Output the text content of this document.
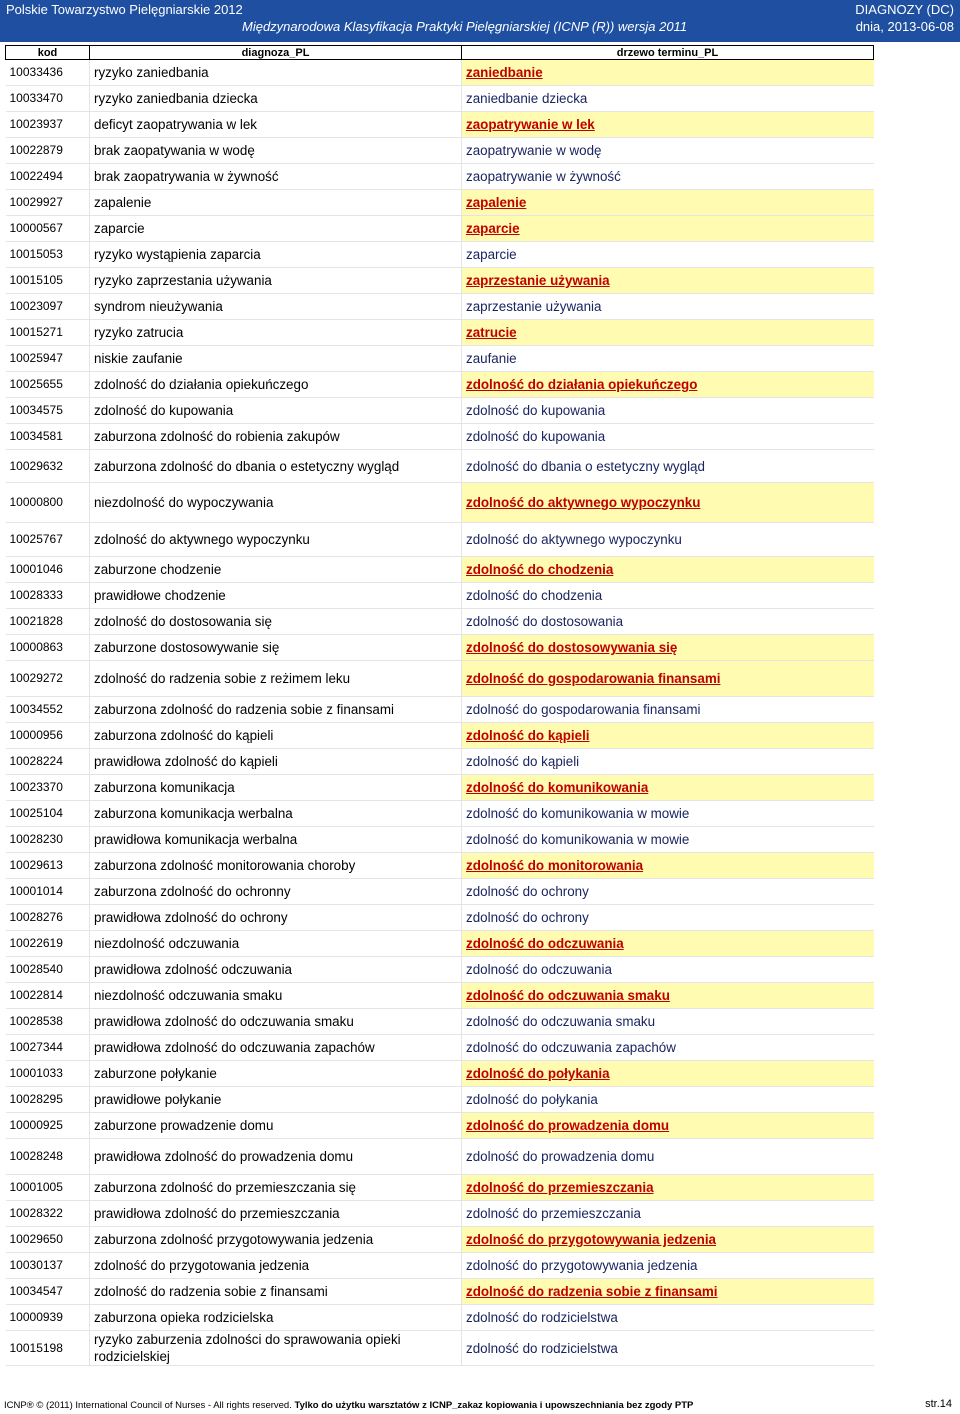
Polskie Towarzystwo Pielęgniarskie 2012
Międzynarodowa Klasyfikacja Praktyki Pielęgniarskiej (ICNP (R)) wersja 2011
DIAGNOZY (DC)
dnia, 2013-06-08
kod	diagnoza_PL	drzewo terminu_PL
10033436	ryzyko zaniedbania	zaniedbanie
10033470	ryzyko zaniedbania dziecka	zaniedbanie dziecka
10023937	deficyt zaopatrywania w lek	zaopatrywanie w lek
10022879	brak zaopatywania w wodę	zaopatrywanie w wodę
10022494	brak zaopatrywania w żywność	zaopatrywanie w żywność
10029927	zapalenie	zapalenie
10000567	zaparcie	zaparcie
10015053	ryzyko wystąpienia zaparcia	zaparcie
10015105	ryzyko zaprzestania używania	zaprzestanie używania
10023097	syndrom nieużywania	zaprzestanie używania
10015271	ryzyko zatrucia	zatrucie
10025947	niskie zaufanie	zaufanie
10025655	zdolność do działania opiekuńczego	zdolność do działania opiekuńczego
10034575	zdolność do kupowania	zdolność do kupowania
10034581	zaburzona zdolność do robienia zakupów	zdolność do kupowania
10029632	zaburzona zdolność do dbania o estetyczny wygląd	zdolność do dbania o estetyczny wygląd
10000800	niezdolność do wypoczywania	zdolność do aktywnego wypoczynku
10025767	zdolność do aktywnego wypoczynku	zdolność do aktywnego wypoczynku
10001046	zaburzone chodzenie	zdolność do chodzenia
10028333	prawidłowe chodzenie	zdolność do chodzenia
10021828	zdolność do dostosowania się	zdolność do dostosowania
10000863	zaburzone dostosowywanie się	zdolność do dostosowywania się
10029272	zdolność do radzenia sobie z reżimem leku	zdolność do gospodarowania finansami
10034552	zaburzona zdolność do radzenia sobie z finansami	zdolność do gospodarowania finansami
10000956	zaburzona zdolność do kąpieli	zdolność do kąpieli
10028224	prawidłowa zdolność do kąpieli	zdolność do kąpieli
10023370	zaburzona komunikacja	zdolność do komunikowania
10025104	zaburzona komunikacja werbalna	zdolność do komunikowania w mowie
10028230	prawidłowa komunikacja werbalna	zdolność do komunikowania w mowie
10029613	zaburzona zdolność monitorowania choroby	zdolność do monitorowania
10001014	zaburzona zdolność do ochronny	zdolność do ochrony
10028276	prawidłowa zdolność do ochrony	zdolność do ochrony
10022619	niezdolność odczuwania	zdolność do odczuwania
10028540	prawidłowa zdolność odczuwania	zdolność do odczuwania
10022814	niezdolność odczuwania smaku	zdolność do odczuwania smaku
10028538	prawidłowa zdolność do odczuwania smaku	zdolność do odczuwania smaku
10027344	prawidłowa zdolność do odczuwania zapachów	zdolność do odczuwania zapachów
10001033	zaburzone połykanie	zdolność do połykania
10028295	prawidłowe połykanie	zdolność do połykania
10000925	zaburzone prowadzenie domu	zdolność do prowadzenia domu
10028248	prawidłowa zdolność do prowadzenia domu	zdolność do prowadzenia domu
10001005	zaburzona zdolność do przemieszczania się	zdolność do przemieszczania
10028322	prawidłowa zdolność do przemieszczania	zdolność do przemieszczania
10029650	zaburzona zdolność przygotowywania jedzenia	zdolność do przygotowywania jedzenia
10030137	zdolność do przygotowania jedzenia	zdolność do przygotowywania jedzenia
10034547	zdolność do radzenia sobie z finansami	zdolność do radzenia sobie z finansami
10000939	zaburzona opieka rodzicielska	zdolność do rodzicielstwa
10015198	ryzyko zaburzenia zdolności do sprawowania opieki rodzicielskiej	zdolność do rodzicielstwa
ICNP® © (2011) International Council of Nurses - All rights reserved. Tylko do użytku warsztatów z ICNP_zakaz kopiowania i upowszechniania bez zgody PTP	str.14
